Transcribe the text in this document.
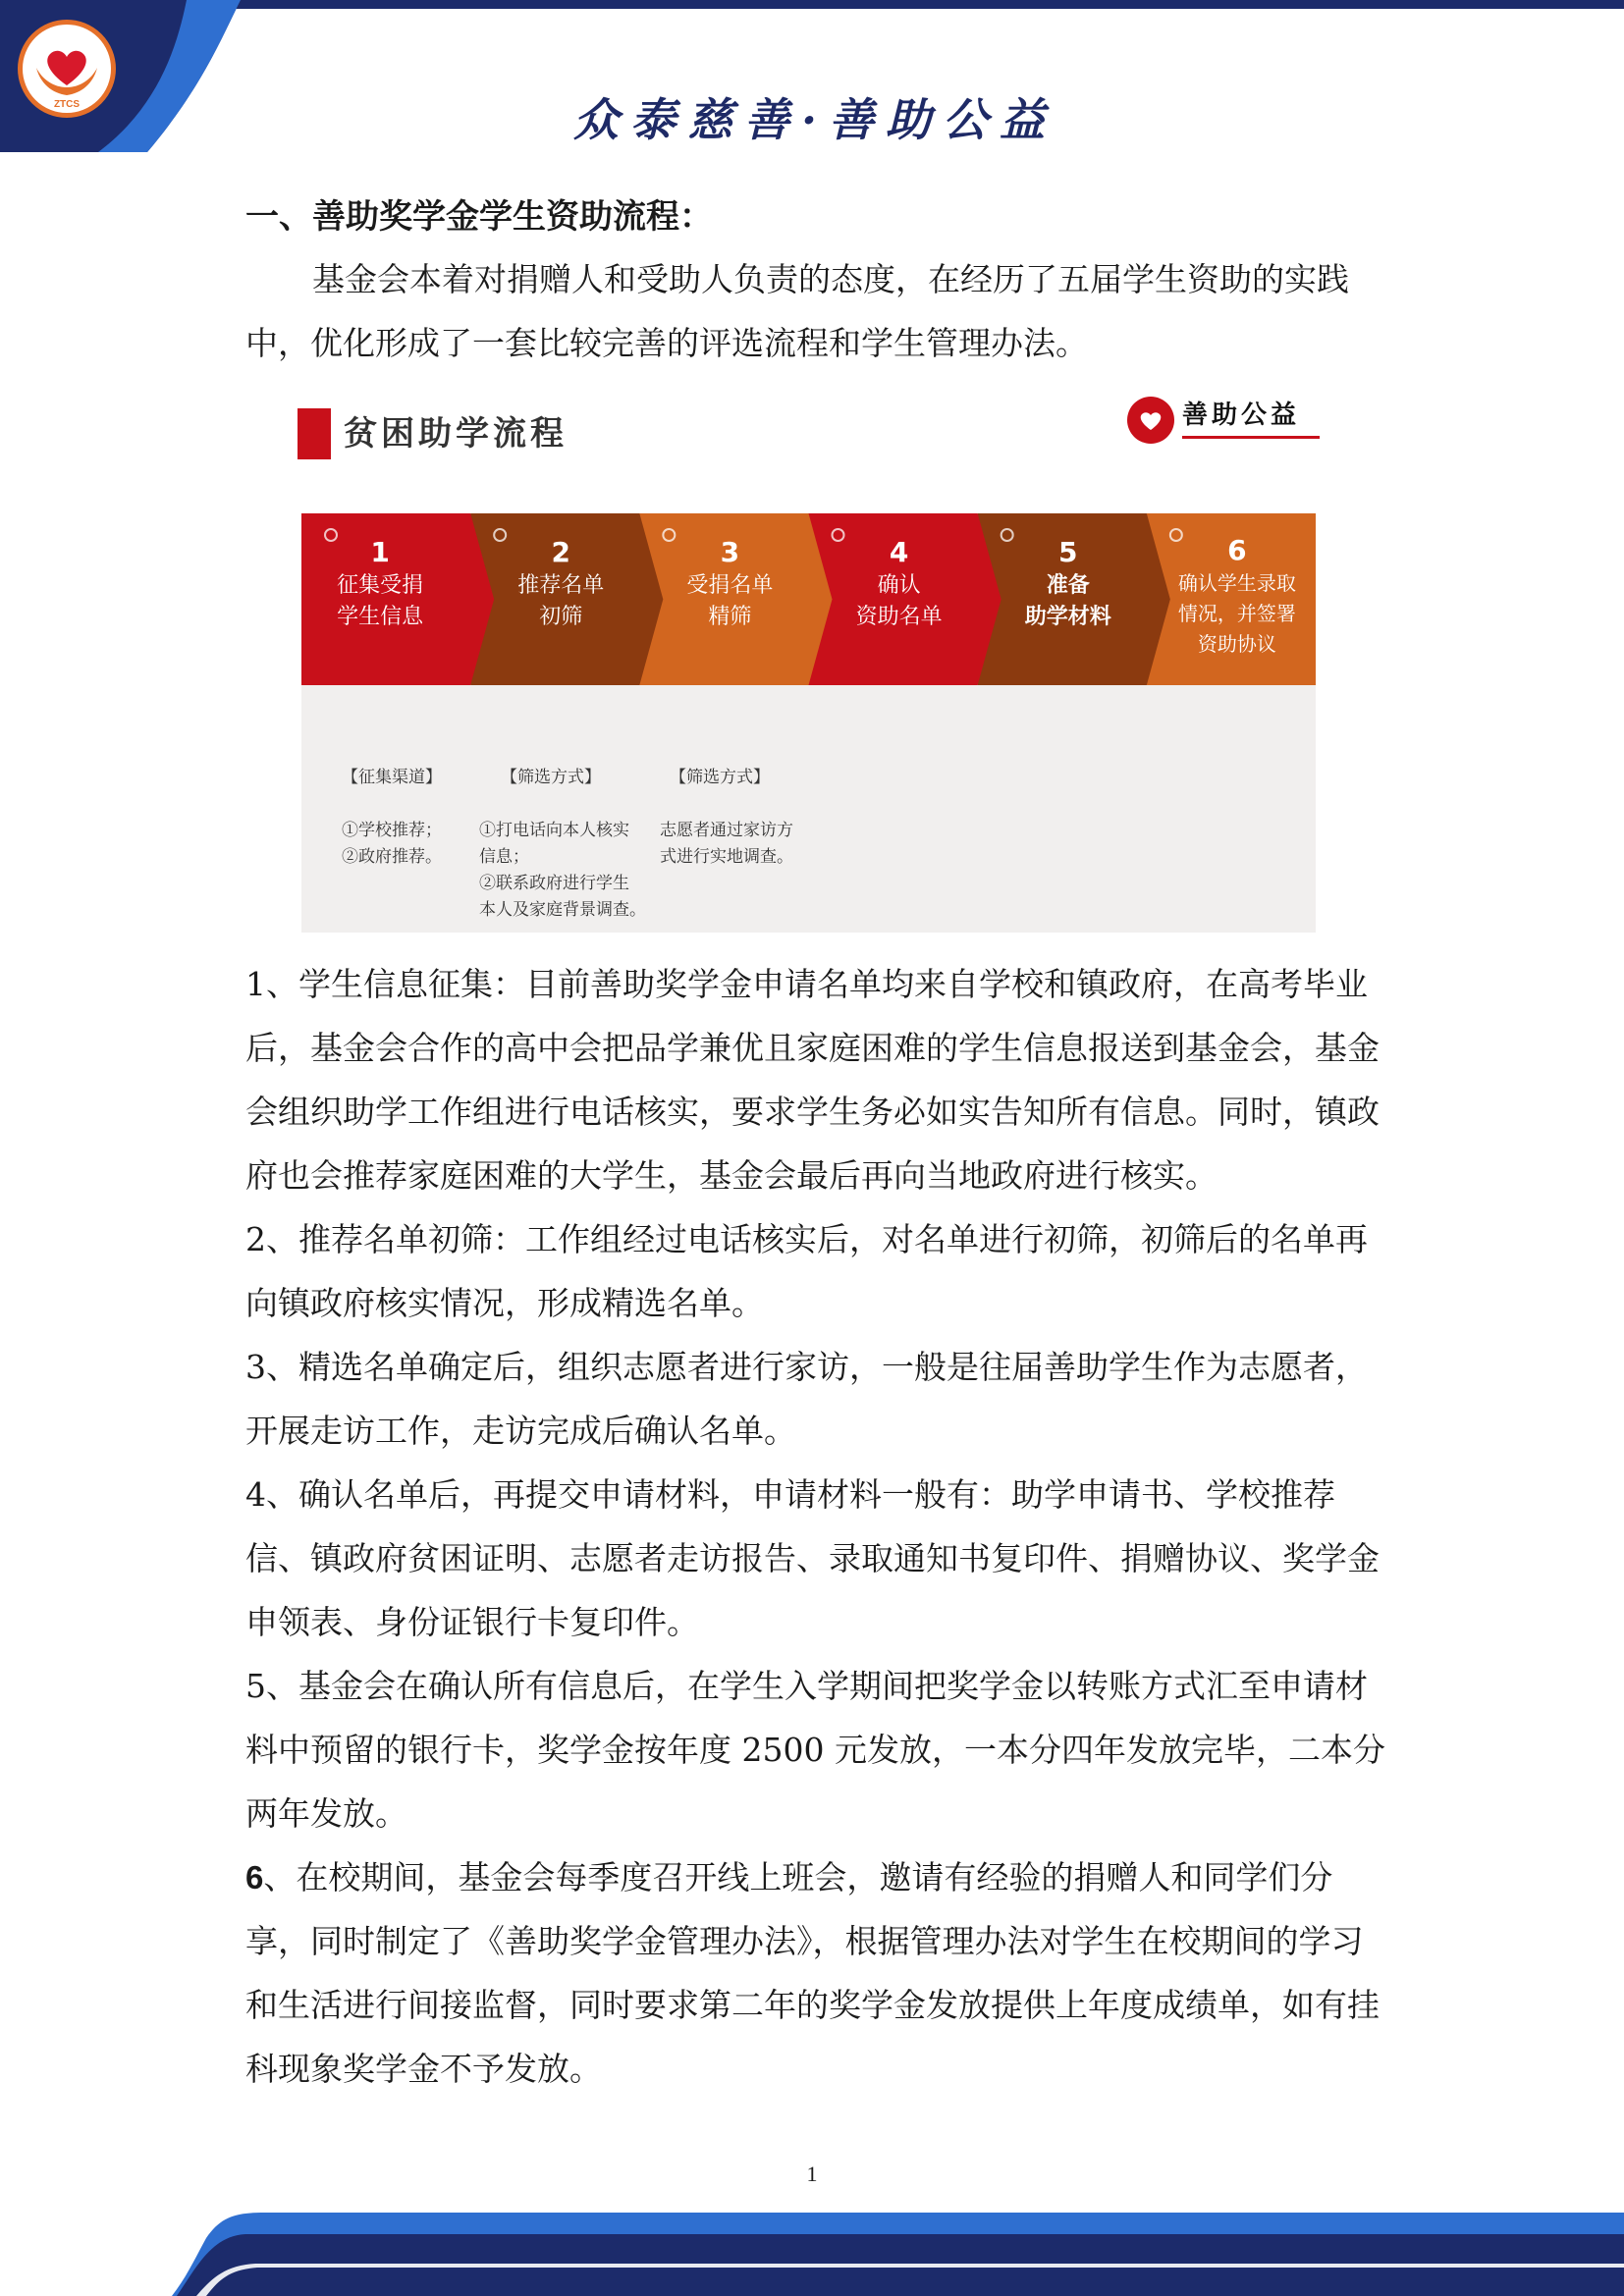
ZTCS	众泰慈善·善助公益
一、善助奖学金学生资助流程：
基金会本着对捐赠人和受助人负责的态度，在经历了五届学生资助的实践中，优化形成了一套比较完善的评选流程和学生管理办法。
贫困助学流程	善助公益
1
征集受捐
学生信息
2
推荐名单
初筛
3
受捐名单
精筛
4
确认
资助名单
5
准备
助学材料
6
确认学生录取
情况，并签署
资助协议

【征集渠道】

①学校推荐；
②政府推荐。

【筛选方式】

①打电话向本人核实
信息；
②联系政府进行学生
本人及家庭背景调查。

【筛选方式】

志愿者通过家访方
式进行实地调查。

1、学生信息征集：目前善助奖学金申请名单均来自学校和镇政府，在高考毕业后，基金会合作的高中会把品学兼优且家庭困难的学生信息报送到基金会，基金会组织助学工作组进行电话核实，要求学生务必如实告知所有信息。同时，镇政府也会推荐家庭困难的大学生，基金会最后再向当地政府进行核实。
2、推荐名单初筛：工作组经过电话核实后，对名单进行初筛，初筛后的名单再向镇政府核实情况，形成精选名单。
3、精选名单确定后，组织志愿者进行家访，一般是往届善助学生作为志愿者，开展走访工作，走访完成后确认名单。
4、确认名单后，再提交申请材料，申请材料一般有：助学申请书、学校推荐信、镇政府贫困证明、志愿者走访报告、录取通知书复印件、捐赠协议、奖学金申领表、身份证银行卡复印件。
5、基金会在确认所有信息后，在学生入学期间把奖学金以转账方式汇至申请材料中预留的银行卡，奖学金按年度 2500 元发放，一本分四年发放完毕，二本分两年发放。
6、在校期间，基金会每季度召开线上班会，邀请有经验的捐赠人和同学们分享，同时制定了《善助奖学金管理办法》，根据管理办法对学生在校期间的学习和生活进行间接监督，同时要求第二年的奖学金发放提供上年度成绩单，如有挂科现象奖学金不予发放。
1
